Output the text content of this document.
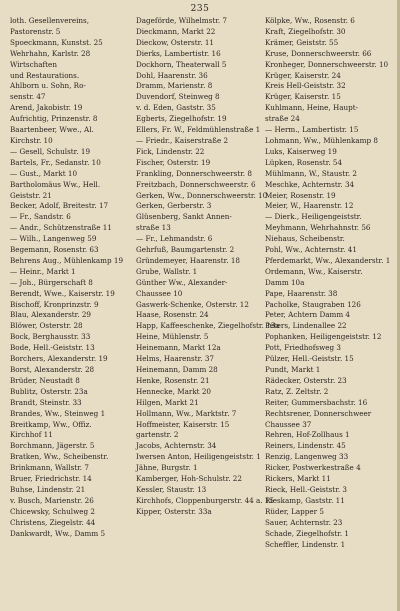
235
loth. Gesellenvereins,
Pastorenstr. 5
Spoeckmann, Kunstst. 25
Wehrhahn, Karlstr. 28
Wirtschaften
und Restaurations.
Ahlborn u. Sohn, Ro-
senstr. 47
Arend, Jakobistr. 19
Aufrichtig, Prinzenstr. 8
Baartenbeer, Wwe., Al.
Kirchstr. 10
— Gesell, Schulstr. 19
Bartels, Fr., Sedanstr. 10
— Gust., Markt 10
Bartholomäus Ww., Hell.
Geiststr. 21
Becker, Adolf, Breitestr. 17
— Fr., Sandstr. 6
— Andr., Schützenstraße 11
— Wilh., Langenweg 59
Begemann, Rosenstr. 63
Behrens Aug., Mühlenkamp 19
— Heinr., Markt 1
— Joh., Bürgerschaft 8
Berendt, Wwe., Kaiserstr. 19
Bischoff, Kronprinzstr. 9
Blau, Alexanderstr. 29
Blöwer, Osterstr. 28
Bock, Berghausstr. 33
Bode, Hell.-Geiststr. 13
Borchers, Alexanderstr. 19
Borst, Alexanderstr. 28
Brüder, Neustadt 8
Bublitz, Osterstr. 23a
Brandt, Steinstr. 33
Brandes, Ww., Steinweg 1
Breitkamp, Ww., Offiz.
Kirchhof 11
Borchmann, Jägerstr. 5
Bratken, Ww., Scheibenstr.
Brinkmann, Wallstr. 7
Bruer, Friedrichstr. 14
Buhse, Lindenstr. 21
v. Busch, Marienstr. 26
Chicewsky, Schulweg 2
Christens, Ziegelstr. 44
Dankwardt, Ww., Damm 5
Dageförde, Wilhelmstr. 7
Dieckmann, Markt 22
Dieckow, Osterstr. 11
Dierks, Lambertistr. 16
Dockhorn, Theaterwall 5
Dohl, Haarenstr. 36
Dramm, Marienstr. 8
Duvendorf, Steinweg 8
v. d. Eden, Gaststr. 35
Egberts, Ziegelhofstr. 19
Ellers, Fr. W., Feldmühlenstraße 1
— Friedr., Kaiserstraße 2
Fick, Lindenstr. 22
Fischer, Osterstr. 19
Frankling, Donnerschweerstr. 8
Freitzbach, Donnerschweerstr. 6
Gerken, Ww., Donnerschweerstr. 10
Gerken, Gerberstr. 3
Glüsenberg, Sankt Annen-
straße 13
— Fr., Lehmandstr. 6
Gehrfuß, Baumgartenstr. 2
Gründemeyer, Haarenstr. 18
Grube, Wallstr. 1
Günther Ww., Alexander-
Chaussee 10
Gaswerk-Schenke, Osterstr. 12
Haase, Rosenstr. 24
Happ, Kaffeeschenke, Ziegelhofstr. 13a
Heine, Mühlenstr. 5
Heinemann, Markt 12a
Helms, Haarenstr. 37
Heinemann, Damm 28
Henke, Rosenstr. 21
Hennecke, Markt 20
Hilgen, Markt 21
Hollmann, Ww., Marktstr. 7
Hoffmeister, Kaiserstr. 15
gartenstr. 2
Jacobs, Achternstr. 34
Iwersen Anton, Heiligengeiststr. 1
Jähne, Burgstr. 1
Kamberger, Hoh-Schulstr. 22
Kessler, Staustr. 13
Kirchhofs, Cloppenburgerstr. 44 a. 15
Kipper, Osterstr. 33a
Kölpke, Ww., Rosenstr. 6
Kraft, Ziegelhofstr. 30
Krämer, Geiststr. 55
Kruse, Donnerschweerstr. 66
Kronheger, Donnerschweerstr. 10
Krüger, Kaiserstr. 24
Kreis Hell-Geiststr. 32
Krüger, Kaiserstr. 15
Kuhlmann, Heine, Haupt-
straße 24
— Herm., Lambertistr. 15
Lohmann, Ww., Mühlenkamp 8
Luks, Kaiserweg 19
Lüpken, Rosenstr. 54
Mühlmann, W., Staustr. 2
Meschke, Achternstr. 34
Meier, Rosenstr. 19
Meier, W., Haarenstr. 12
— Dierk., Heiligengeiststr.
Meyhmann, Wehrhahnstr. 56
Niehaus, Scheibenstr.
Pohl, Ww., Achternstr. 41
Pferdemarkt, Ww., Alexanderstr. 1
Ordemann, Ww., Kaiserstr.
Damm 10a
Pape, Haarenstr. 38
Pacholke, Staugraben 126
Peter, Achtern Damm 4
Peters, Lindenallee 22
Pophanken, Heiligengeiststr. 12
Pott, Friedhofsweg 3
Pülzer, Hell.-Geiststr. 15
Pundt, Markt 1
Rädecker, Osterstr. 23
Ratz, Z. Zeltstr. 2
Reiter, Gummersbachstr. 16
Rechtsrener, Donnerschweer
Chaussee 37
Rehren, Hof-Zollhaus 1
Reiners, Lindenstr. 45
Renzig, Langenweg 33
Ricker, Postwerkestraße 4
Rickers, Markt 11
Rieck, Hell.-Geiststr. 3
Rieskamp, Gaststr. 11
Rüder, Lapper 5
Sauer, Achternstr. 23
Schade, Ziegelhofstr. 1
Scheffler, Lindenstr. 1
